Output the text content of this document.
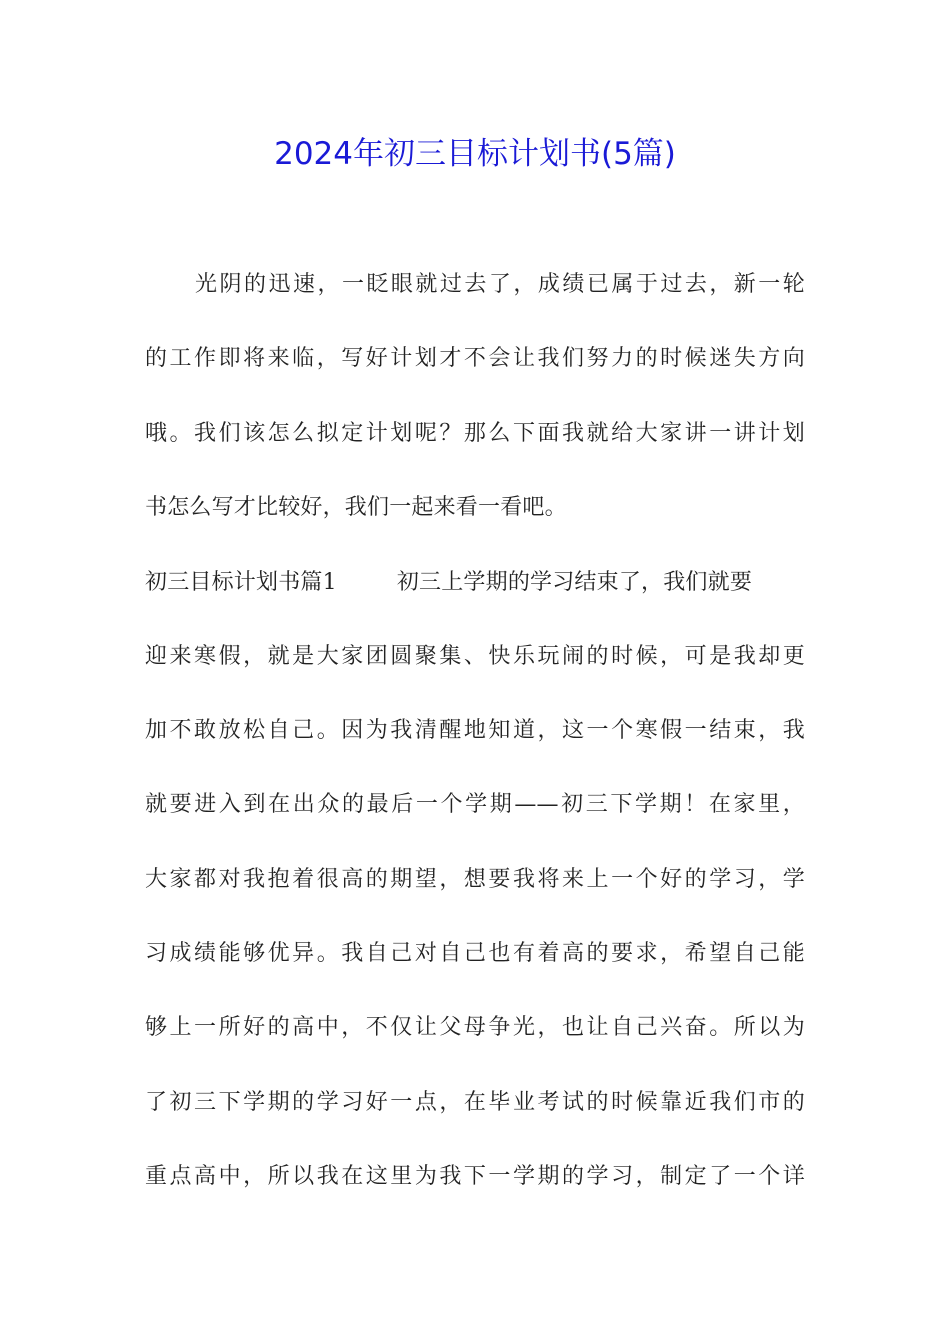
2024年初三目标计划书(5篇)

光阴的迅速，一眨眼就过去了，成绩已属于过去，新一轮

的工作即将来临，写好计划才不会让我们努力的时候迷失方向

哦。我们该怎么拟定计划呢？那么下面我就给大家讲一讲计划

书怎么写才比较好，我们一起来看一看吧。

初三目标计划书篇1	初三上学期的学习结束了，我们就要

迎来寒假，就是大家团圆聚集、快乐玩闹的时候，可是我却更

加不敢放松自己。因为我清醒地知道，这一个寒假一结束，我

就要进入到在出众的最后一个学期——初三下学期！在家里，

大家都对我抱着很高的期望，想要我将来上一个好的学习，学

习成绩能够优异。我自己对自己也有着高的要求，希望自己能

够上一所好的高中，不仅让父母争光，也让自己兴奋。所以为

了初三下学期的学习好一点，在毕业考试的时候靠近我们市的

重点高中，所以我在这里为我下一学期的学习，制定了一个详
